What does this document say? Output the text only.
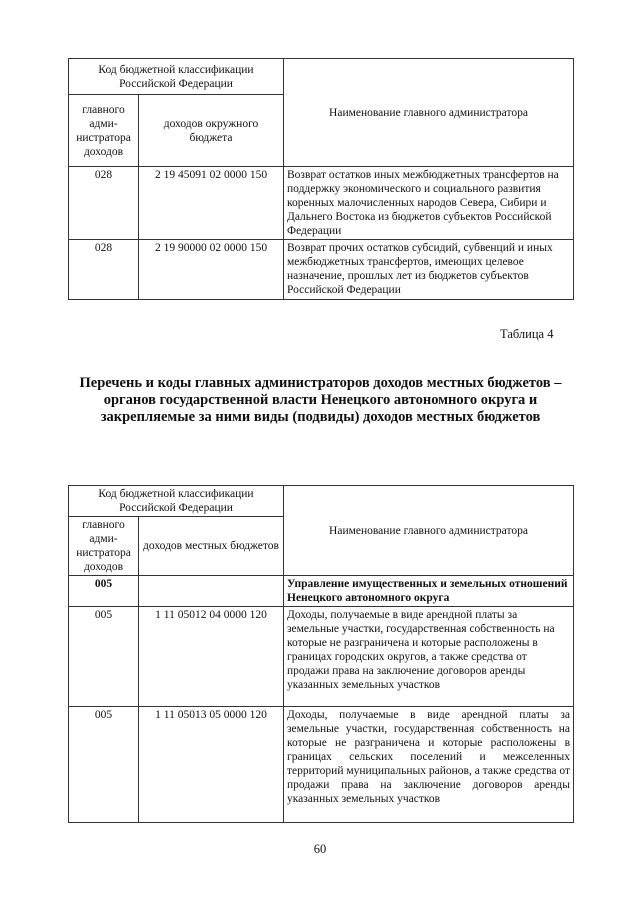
Код бюджетной классификации Российской Федерации		Наименование главного администратора
главного адми-нистратора доходов	доходов окружного бюджета	
028	2 19 45091 02 0000 150	Возврат остатков иных межбюджетных трансфертов на поддержку экономического и социального развития коренных малочисленных народов Севера, Сибири и Дальнего Востока из бюджетов субъектов Российской Федерации
028	2 19 90000 02 0000 150	Возврат прочих остатков субсидий, субвенций и иных межбюджетных трансфертов, имеющих целевое назначение, прошлых лет из бюджетов субъектов Российской Федерации
Таблица 4
Перечень и коды главных администраторов доходов местных бюджетов – органов государственной власти Ненецкого автономного округа и закрепляемые за ними виды (подвиды) доходов местных бюджетов
Код бюджетной классификации Российской Федерации		Наименование главного администратора
главного адми-нистратора доходов	доходов местных бюджетов	
005		Управление имущественных и земельных отношений Ненецкого автономного округа
005	1 11 05012 04 0000 120	Доходы, получаемые в виде арендной платы за земельные участки, государственная собственность на которые не разграничена и которые расположены в границах городских округов, а также средства от продажи права на заключение договоров аренды указанных земельных участков
005	1 11 05013 05 0000 120	Доходы, получаемые в виде арендной платы за земельные участки, государственная собственность на которые не разграничена и которые расположены в границах сельских поселений и межселенных территорий муниципальных районов, а также средства от продажи права на заключение договоров аренды указанных земельных участков
60
